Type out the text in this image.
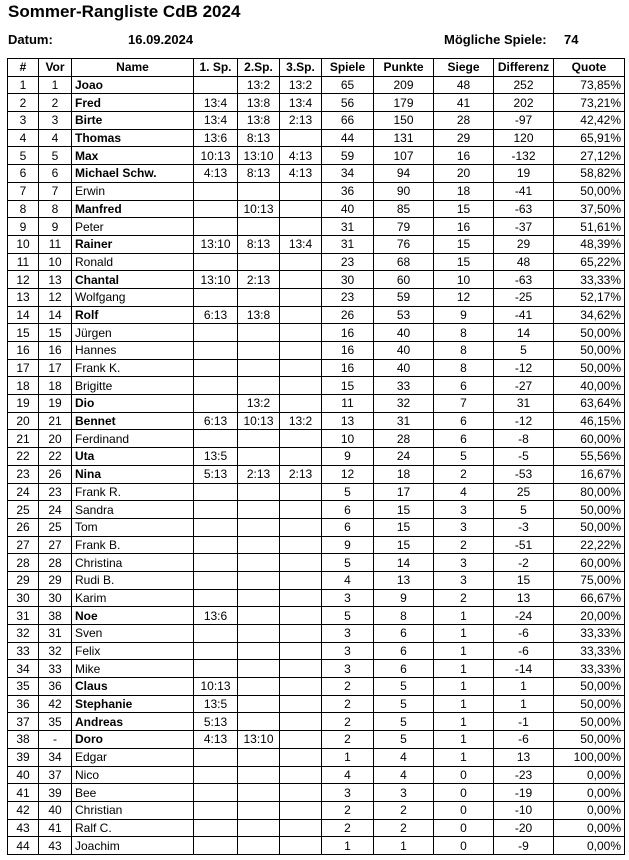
Sommer-Rangliste CdB 2024
Datum:	16.09.2024	Mögliche Spiele: 74
#	Vor	Name	1. Sp.	2.Sp.	3.Sp.	Spiele	Punkte	Siege	Differenz	Quote
1	1	Joao		13:2	13:2	65	209	48	252	73,85%
2	2	Fred	13:4	13:8	13:4	56	179	41	202	73,21%
3	3	Birte	13:4	13:8	2:13	66	150	28	-97	42,42%
4	4	Thomas	13:6	8:13		44	131	29	120	65,91%
5	5	Max	10:13	13:10	4:13	59	107	16	-132	27,12%
6	6	Michael Schw.	4:13	8:13	4:13	34	94	20	19	58,82%
7	7	Erwin				36	90	18	-41	50,00%
8	8	Manfred		10:13		40	85	15	-63	37,50%
9	9	Peter				31	79	16	-37	51,61%
10	11	Rainer	13:10	8:13	13:4	31	76	15	29	48,39%
11	10	Ronald				23	68	15	48	65,22%
12	13	Chantal	13:10	2:13		30	60	10	-63	33,33%
13	12	Wolfgang				23	59	12	-25	52,17%
14	14	Rolf	6:13	13:8		26	53	9	-41	34,62%
15	15	Jürgen				16	40	8	14	50,00%
16	16	Hannes				16	40	8	5	50,00%
17	17	Frank K.				16	40	8	-12	50,00%
18	18	Brigitte				15	33	6	-27	40,00%
19	19	Dio		13:2		11	32	7	31	63,64%
20	21	Bennet	6:13	10:13	13:2	13	31	6	-12	46,15%
21	20	Ferdinand				10	28	6	-8	60,00%
22	22	Uta	13:5			9	24	5	-5	55,56%
23	26	Nina	5:13	2:13	2:13	12	18	2	-53	16,67%
24	23	Frank R.				5	17	4	25	80,00%
25	24	Sandra				6	15	3	5	50,00%
26	25	Tom				6	15	3	-3	50,00%
27	27	Frank B.				9	15	2	-51	22,22%
28	28	Christina				5	14	3	-2	60,00%
29	29	Rudi B.				4	13	3	15	75,00%
30	30	Karim				3	9	2	13	66,67%
31	38	Noe	13:6			5	8	1	-24	20,00%
32	31	Sven				3	6	1	-6	33,33%
33	32	Felix				3	6	1	-6	33,33%
34	33	Mike				3	6	1	-14	33,33%
35	36	Claus	10:13			2	5	1	1	50,00%
36	42	Stephanie	13:5			2	5	1	1	50,00%
37	35	Andreas	5:13			2	5	1	-1	50,00%
38	-	Doro	4:13	13:10		2	5	1	-6	50,00%
39	34	Edgar				1	4	1	13	100,00%
40	37	Nico				4	4	0	-23	0,00%
41	39	Bee				3	3	0	-19	0,00%
42	40	Christian				2	2	0	-10	0,00%
43	41	Ralf C.				2	2	0	-20	0,00%
44	43	Joachim				1	1	0	-9	0,00%
